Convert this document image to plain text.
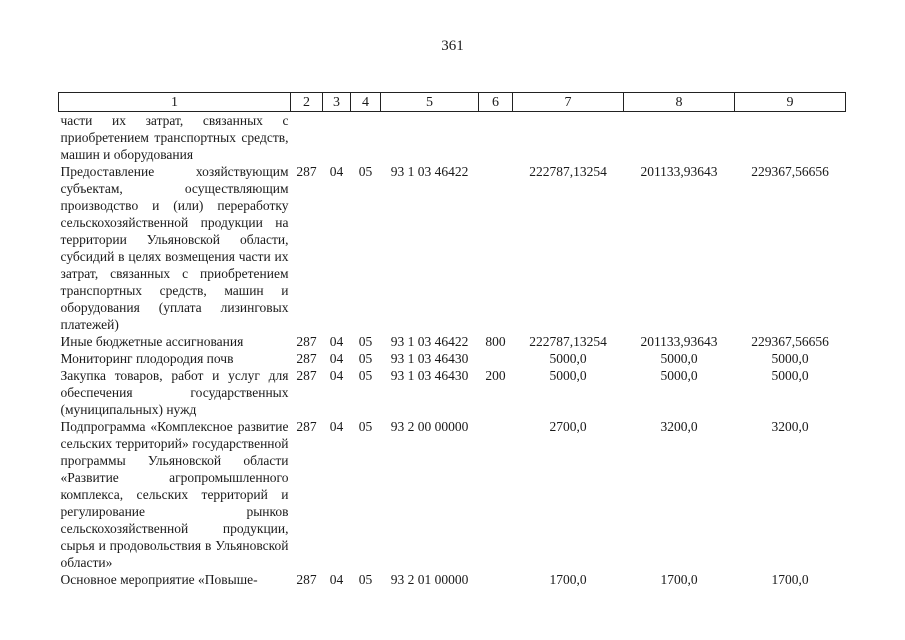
361
1	2	3	4	5	6	7	8	9
части их затрат, связанных с приобретением транспортных средств, машин и оборудования								
Предоставление хозяйствующим субъектам, осуществляющим производство и (или) переработку сельскохозяйственной продукции на территории Ульяновской области, субсидий в целях возмещения части их затрат, связанных с приобретением транспортных средств, машин и оборудования (уплата лизинговых платежей)	287	04	05	93 1 03 46422		222787,13254	201133,93643	229367,56656
Иные бюджетные ассигнования	287	04	05	93 1 03 46422	800	222787,13254	201133,93643	229367,56656
Мониторинг плодородия почв	287	04	05	93 1 03 46430		5000,0	5000,0	5000,0
Закупка товаров, работ и услуг для обеспечения государственных (муниципальных) нужд	287	04	05	93 1 03 46430	200	5000,0	5000,0	5000,0
Подпрограмма «Комплексное развитие сельских территорий» государственной программы Ульяновской области «Развитие агропромышленного комплекса, сельских территорий и регулирование рынков сельскохозяйственной продукции, сырья и продовольствия в Ульяновской области»	287	04	05	93 2 00 00000		2700,0	3200,0	3200,0
Основное мероприятие «Повыше-	287	04	05	93 2 01 00000		1700,0	1700,0	1700,0
